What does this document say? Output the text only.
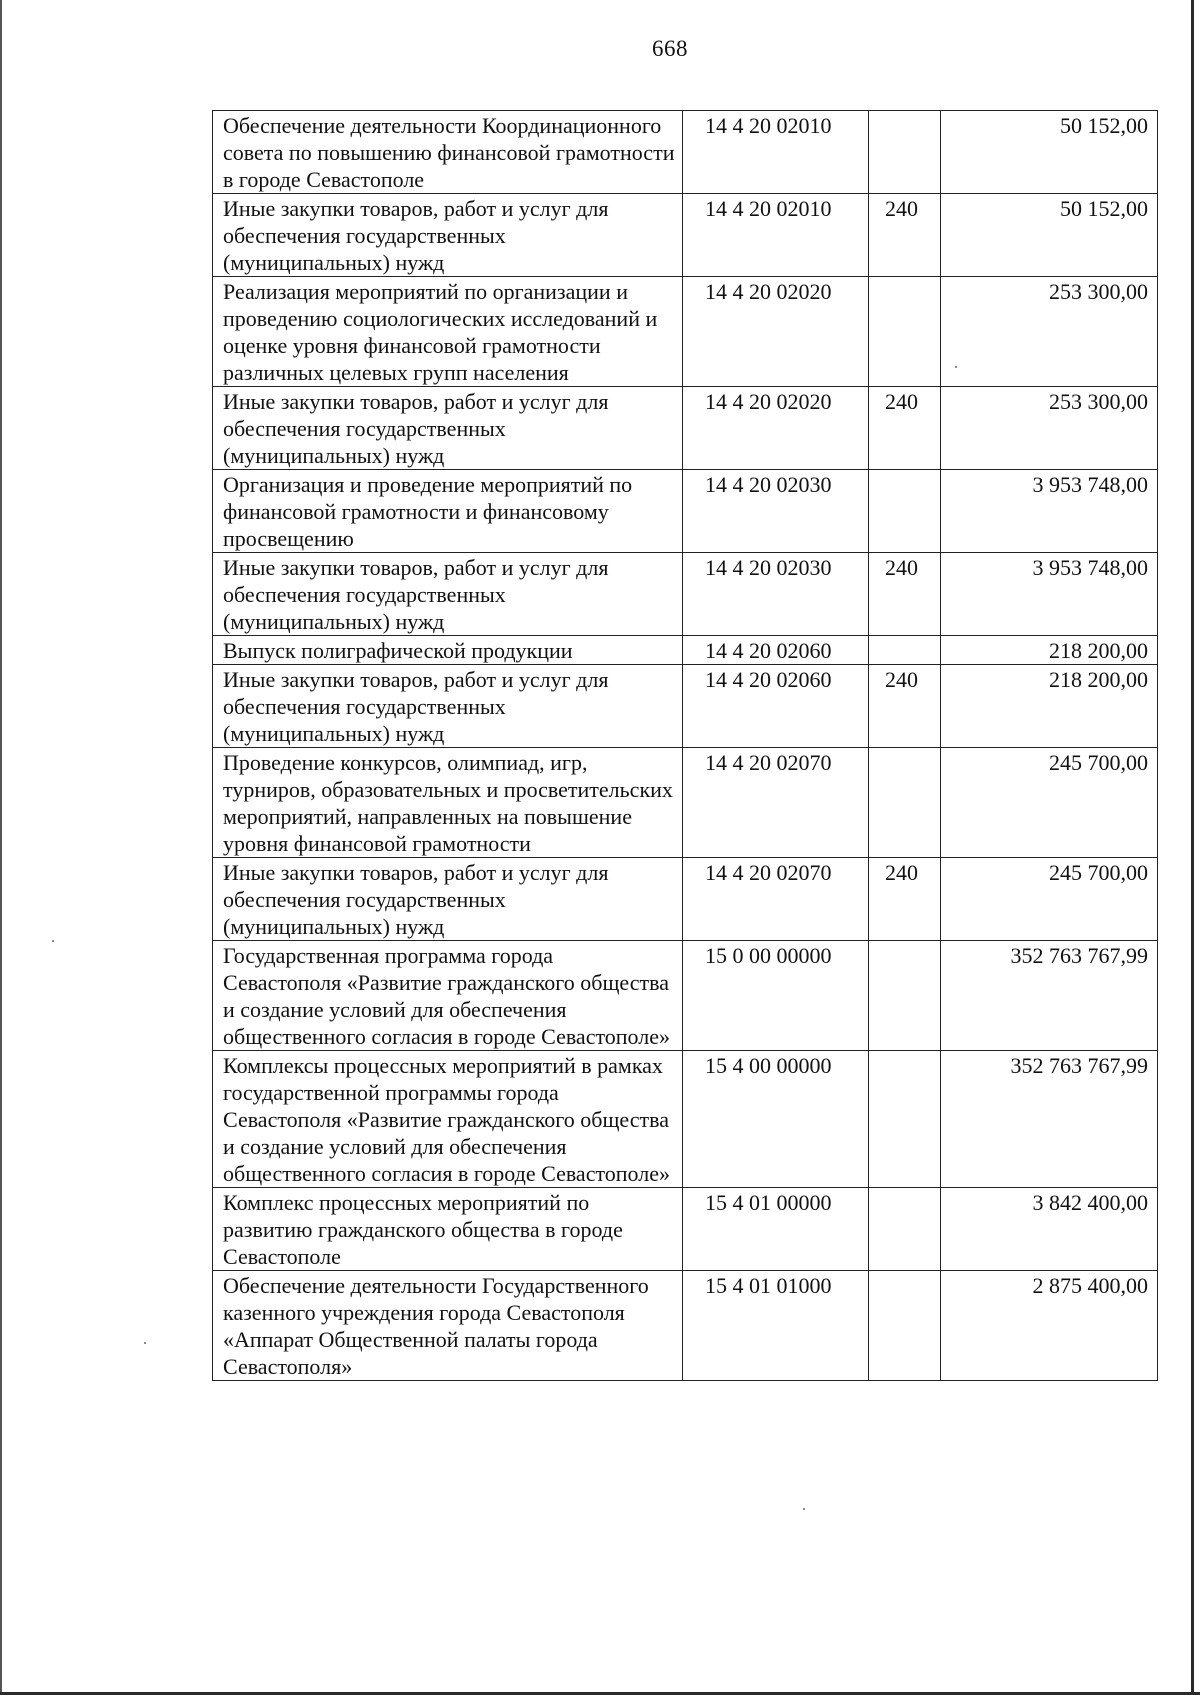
668
Обеспечение деятельности Координационного совета по повышению финансовой грамотности в городе Севастополе	14 4 20 02010		50 152,00
Иные закупки товаров, работ и услуг для обеспечения государственных (муниципальных) нужд	14 4 20 02010	240	50 152,00
Реализация мероприятий по организации и проведению социологических исследований и оценке уровня финансовой грамотности различных целевых групп населения	14 4 20 02020		253 300,00
Иные закупки товаров, работ и услуг для обеспечения государственных (муниципальных) нужд	14 4 20 02020	240	253 300,00
Организация и проведение мероприятий по финансовой грамотности и финансовому просвещению	14 4 20 02030		3 953 748,00
Иные закупки товаров, работ и услуг для обеспечения государственных (муниципальных) нужд	14 4 20 02030	240	3 953 748,00
Выпуск полиграфической продукции	14 4 20 02060		218 200,00
Иные закупки товаров, работ и услуг для обеспечения государственных (муниципальных) нужд	14 4 20 02060	240	218 200,00
Проведение конкурсов, олимпиад, игр, турниров, образовательных и просветительских мероприятий, направленных на повышение уровня финансовой грамотности	14 4 20 02070		245 700,00
Иные закупки товаров, работ и услуг для обеспечения государственных (муниципальных) нужд	14 4 20 02070	240	245 700,00
Государственная программа города Севастополя «Развитие гражданского общества и создание условий для обеспечения общественного согласия в городе Севастополе»	15 0 00 00000		352 763 767,99
Комплексы процессных мероприятий в рамках государственной программы города Севастополя «Развитие гражданского общества и создание условий для обеспечения общественного согласия в городе Севастополе»	15 4 00 00000		352 763 767,99
Комплекс процессных мероприятий по развитию гражданского общества в городе Севастополе	15 4 01 00000		3 842 400,00
Обеспечение деятельности Государственного казенного учреждения города Севастополя «Аппарат Общественной палаты города Севастополя»	15 4 01 01000		2 875 400,00
